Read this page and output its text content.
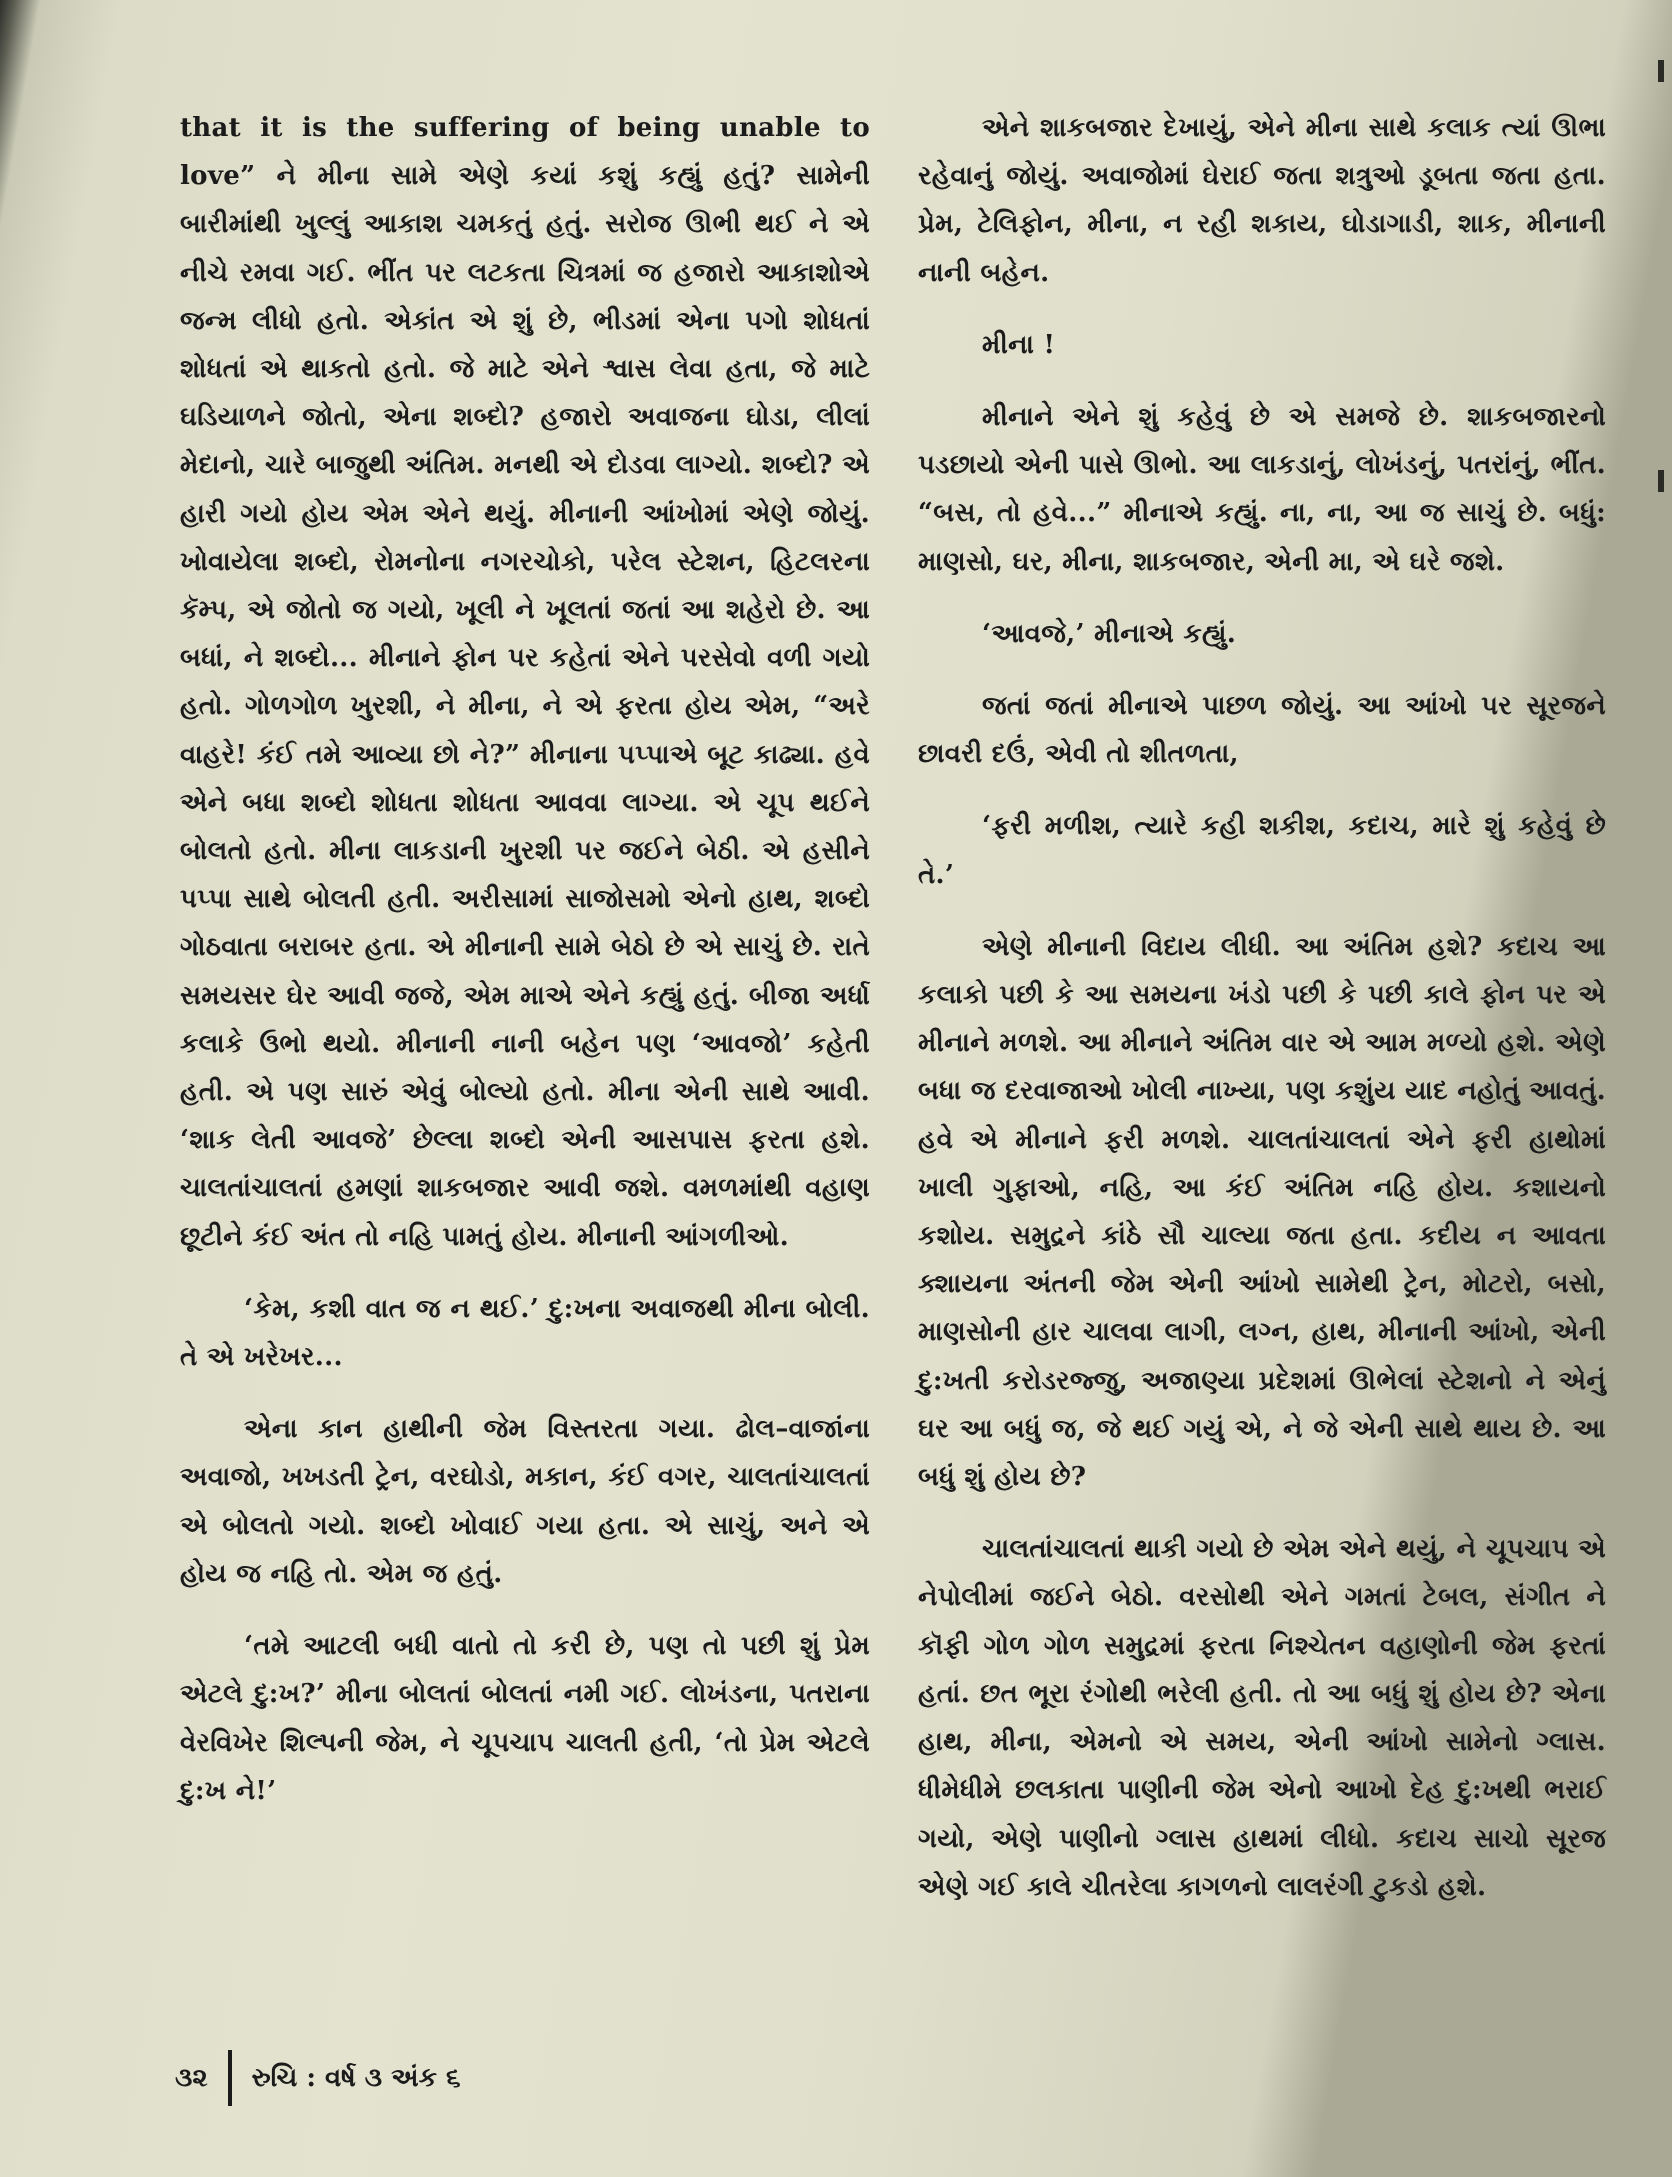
that it is the suffering of being unable to love” ને મીના સામે એણે કયાં કશું કહ્યું હતું? સામેની બારીમાંથી ખુલ્લું આકાશ ચમકતું હતું. સરોજ ઊભી થઈ ને એ નીચે રમવા ગઈ. ભીંત પર લટકતા ચિત્રમાં જ હજારો આકાશોએ જન્મ લીધો હતો. એકાંત એ શું છે, ભીડમાં એના પગો શોધતાં શોધતાં એ થાકતો હતો. જે માટે એને શ્વાસ લેવા હતા, જે માટે ઘડિયાળને જોતો, એના શબ્દો? હજારો અવાજના ઘોડા, લીલાં મેદાનો, ચારે બાજુથી અંતિમ. મનથી એ દોડવા લાગ્યો. શબ્દો? એ હારી ગયો હોય એમ એને થયું. મીનાની આંખોમાં એણે જોયું. ખોવાયેલા શબ્દો, રોમનોના નગરચોકો, પરેલ સ્ટેશન, હિટલરના કૅમ્પ, એ જોતો જ ગયો, ખૂલી ને ખૂલતાં જતાં આ શહેરો છે. આ બધાં, ને શબ્દો... મીનાને ફોન પર કહેતાં એને પરસેવો વળી ગયો હતો. ગોળગોળ ખુરશી, ને મીના, ને એ ફરતા હોય એમ, “અરે વાહરે! કંઈ તમે આવ્યા છો ને?” મીનાના પપ્પાએ બૂટ કાઢ્યા. હવે એને બધા શબ્દો શોધતા શોધતા આવવા લાગ્યા. એ ચૂપ થઈને બોલતો હતો. મીના લાકડાની ખુરશી પર જઈને બેઠી. એ હસીને પપ્પા સાથે બોલતી હતી. અરીસામાં સાજોસમો એનો હાથ, શબ્દો ગોઠવાતા બરાબર હતા. એ મીનાની સામે બેઠો છે એ સાચું છે. રાતે સમયસર ઘેર આવી જજે, એમ માએ એને કહ્યું હતું. બીજા અર્ધા કલાકે ઉભો થયો. મીનાની નાની બહેન પણ ‘આવજો’ કહેતી હતી. એ પણ સારું એવું બોલ્યો હતો. મીના એની સાથે આવી. ‘શાક લેતી આવજે’ છેલ્લા શબ્દો એની આસપાસ ફરતા હશે. ચાલતાંચાલતાં હમણાં શાકબજાર આવી જશે. વમળમાંથી વહાણ છૂટીને કંઈ અંત તો નહિ પામતું હોય. મીનાની આંગળીઓ.

‘કેમ, કશી વાત જ ન થઈ.’ દુ:ખના અવાજથી મીના બોલી. તે એ ખરેખર...

એના કાન હાથીની જેમ વિસ્તરતા ગયા. ઢોલ–વાજાંના અવાજો, ખખડતી ટ્રેન, વરઘોડો, મકાન, કંઈ વગર, ચાલતાંચાલતાં એ બોલતો ગયો. શબ્દો ખોવાઈ ગયા હતા. એ સાચું, અને એ હોય જ નહિ તો. એમ જ હતું.

‘તમે આટલી બધી વાતો તો કરી છે, પણ તો પછી શું પ્રેમ એટલે દુ:ખ?’ મીના બોલતાં બોલતાં નમી ગઈ. લોખંડના, પતરાના વેરવિખેર શિલ્પની જેમ, ને ચૂપચાપ ચાલતી હતી, ‘તો પ્રેમ એટલે દુ:ખ ને!’

એને શાકબજાર દેખાયું, એને મીના સાથે કલાક ત્યાં ઊભા રહેવાનું જોયું. અવાજોમાં ઘેરાઈ જતા શત્રુઓ ડૂબતા જતા હતા. પ્રેમ, ટેલિફોન, મીના, ન રહી શકાય, ઘોડાગાડી, શાક, મીનાની નાની બહેન.

મીના !

મીનાને એને શું કહેવું છે એ સમજે છે. શાકબજારનો પડછાયો એની પાસે ઊભો. આ લાકડાનું, લોખંડનું, પતરાંનું, ભીંત. “બસ, તો હવે...” મીનાએ કહ્યું. ના, ના, આ જ સાચું છે. બધું: માણસો, ઘર, મીના, શાકબજાર, એની મા, એ ઘરે જશે.

‘આવજે,’ મીનાએ કહ્યું.

જતાં જતાં મીનાએ પાછળ જોયું. આ આંખો પર સૂરજને છાવરી દઉં, એવી તો શીતળતા,

‘ફરી મળીશ, ત્યારે કહી શકીશ, કદાચ, મારે શું કહેવું છે તે.’

એણે મીનાની વિદાય લીધી. આ અંતિમ હશે? કદાચ આ કલાકો પછી કે આ સમયના ખંડો પછી કે પછી કાલે ફોન પર એ મીનાને મળશે. આ મીનાને અંતિમ વાર એ આમ મળ્યો હશે. એણે બધા જ દરવાજાઓ ખોલી નાખ્યા, પણ કશુંય યાદ નહોતું આવતું. હવે એ મીનાને ફરી મળશે. ચાલતાંચાલતાં એને ફરી હાથોમાં ખાલી ગુફાઓ, નહિ, આ કંઈ અંતિમ નહિ હોય. કશાયનો કશોય. સમુદ્રને કાંઠે સૌ ચાલ્યા જતા હતા. કદીય ન આવતા ક્શાયના અંતની જેમ એની આંખો સામેથી ટ્રેન, મોટરો, બસો, માણસોની હાર ચાલવા લાગી, લગ્ન, હાથ, મીનાની આંખો, એની દુ:ખતી કરોડરજ્જુ, અજાણ્યા પ્રદેશમાં ઊભેલાં સ્ટેશનો ને એનું ઘર આ બધું જ, જે થઈ ગયું એ, ને જે એની સાથે થાય છે. આ બધું શું હોય છે?

ચાલતાંચાલતાં થાકી ગયો છે એમ એને થયું, ને ચૂપચાપ એ નેપોલીમાં જઈને બેઠો. વરસોથી એને ગમતાં ટેબલ, સંગીત ને કૉફી ગોળ ગોળ સમુદ્રમાં ફરતા નિશ્ચેતન વહાણોની જેમ ફરતાં હતાં. છત ભૂરા રંગોથી ભરેલી હતી. તો આ બધું શું હોય છે? એના હાથ, મીના, એમનો એ સમય, એની આંખો સામેનો ગ્લાસ. ધીમેધીમે છલકાતા પાણીની જેમ એનો આખો દેહ દુ:ખથી ભરાઈ ગયો, એણે પાણીનો ગ્લાસ હાથમાં લીધો. કદાચ સાચો સૂરજ એણે ગઈ કાલે ચીતરેલા કાગળનો લાલરંગી ટુકડો હશે.

૩૨ રુચિ : વર્ષ ૩ અંક ૬
